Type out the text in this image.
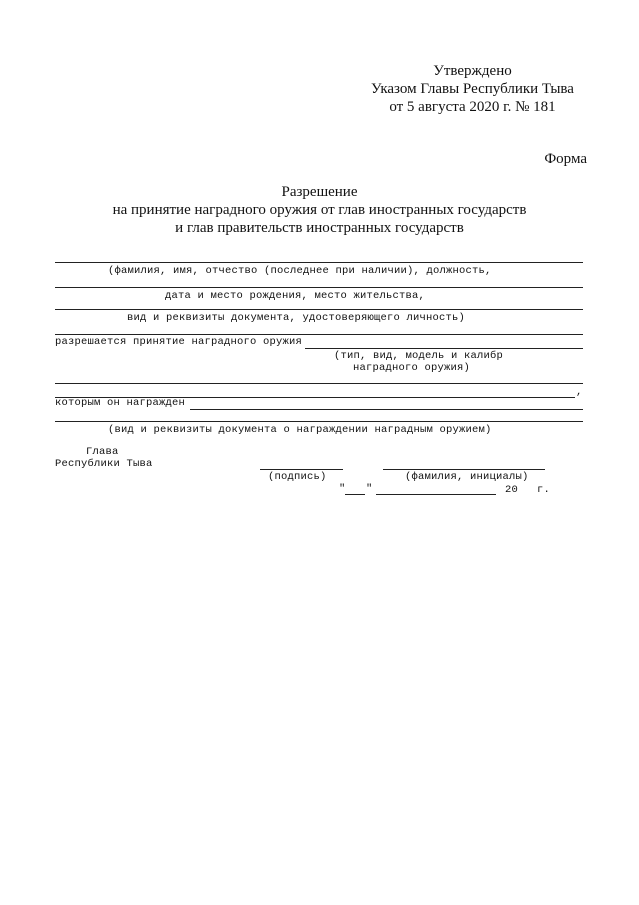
Утверждено
Указом Главы Республики Тыва
от 5 августа 2020 г. № 181
Форма
Разрешение
на принятие наградного оружия от глав иностранных государств
и глав правительств иностранных государств
(фамилия, имя, отчество (последнее при наличии), должность,
дата и место рождения, место жительства,
вид и реквизиты документа, удостоверяющего личность)
разрешается принятие наградного оружия
(тип, вид, модель и калибр
наградного оружия)
,
которым он награжден
(вид и реквизиты документа о награждении наградным оружием)
Глава
Республики Тыва
(подпись)	(фамилия, инициалы)
" "	20 г.
